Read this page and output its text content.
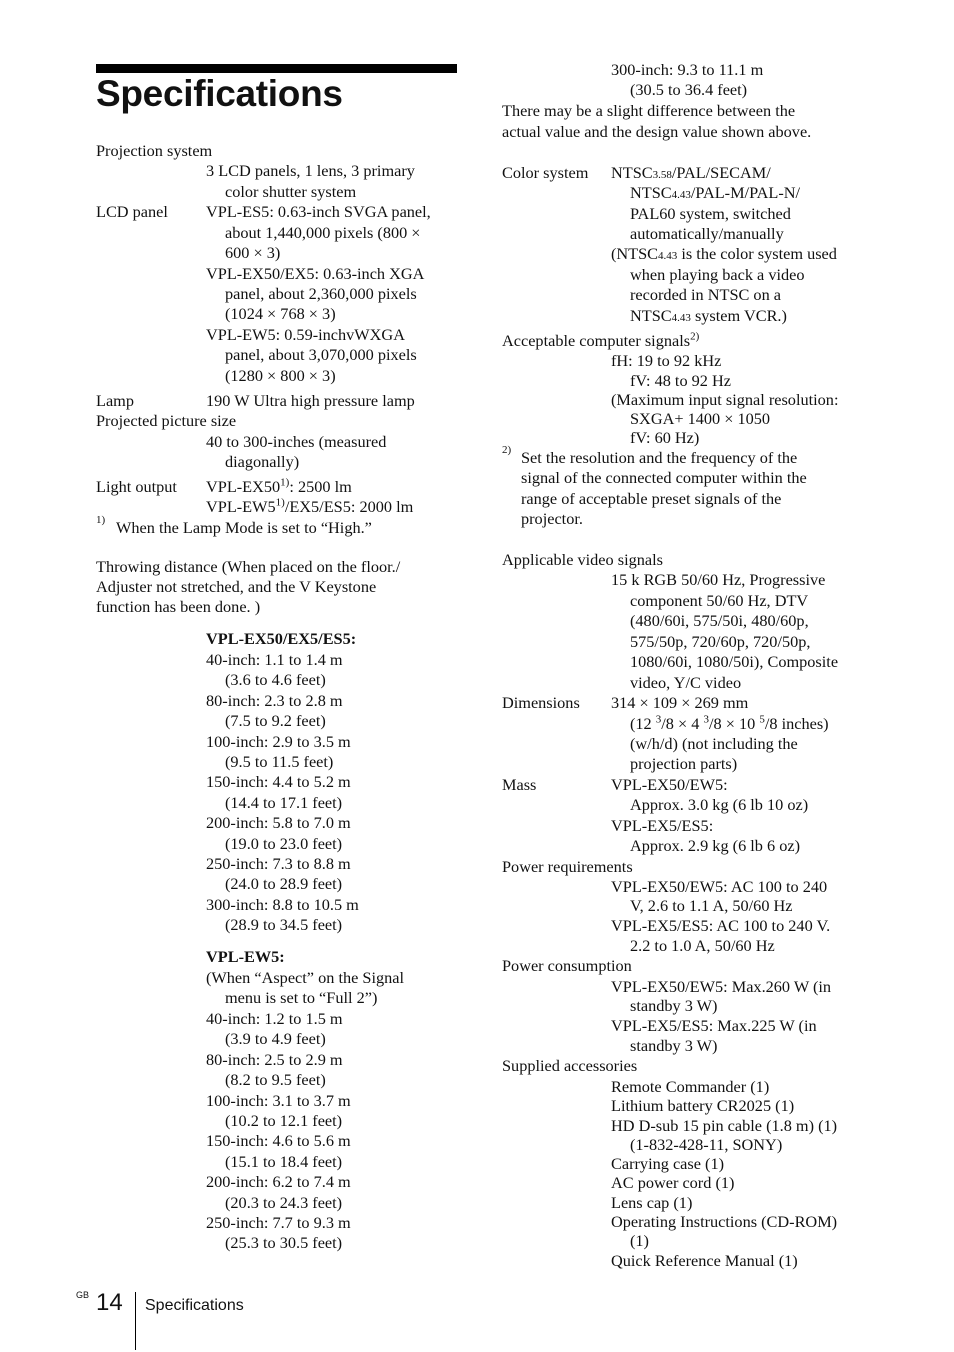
Specifications
Projection system
3 LCD panels, 1 lens, 3 primary
color shutter system
LCD panel VPL-ES5: 0.63-inch SVGA panel,
about 1,440,000 pixels (800 ×
600 × 3)
VPL-EX50/EX5: 0.63-inch XGA
panel, about 2,360,000 pixels
(1024 × 768 × 3)
VPL-EW5: 0.59-inchvWXGA
panel, about 3,070,000 pixels
(1280 × 800 × 3)
Lamp	190 W Ultra high pressure lamp
Projected picture size
40 to 300-inches (measured
diagonally)
Light output VPL-EX50$^{1)}$: 2500 lm
VPL-EW5$^{1)}$/EX5/ES5: 2000 lm
1) When the Lamp Mode is set to “High.”
Throwing distance (When placed on the floor./
Adjuster not stretched, and the V Keystone
function has been done. )
VPL-EX50/EX5/ES5:
40-inch: 1.1 to 1.4 m
(3.6 to 4.6 feet)
80-inch: 2.3 to 2.8 m
(7.5 to 9.2 feet)
100-inch: 2.9 to 3.5 m
(9.5 to 11.5 feet)
150-inch: 4.4 to 5.2 m
(14.4 to 17.1 feet)
200-inch: 5.8 to 7.0 m
(19.0 to 23.0 feet)
250-inch: 7.3 to 8.8 m
(24.0 to 28.9 feet)
300-inch: 8.8 to 10.5 m
(28.9 to 34.5 feet)
VPL-EW5:
(When “Aspect” on the Signal
menu is set to “Full 2”)
40-inch: 1.2 to 1.5 m
(3.9 to 4.9 feet)
80-inch: 2.5 to 2.9 m
(8.2 to 9.5 feet)
100-inch: 3.1 to 3.7 m
(10.2 to 12.1 feet)
150-inch: 4.6 to 5.6 m
(15.1 to 18.4 feet)
200-inch: 6.2 to 7.4 m
(20.3 to 24.3 feet)
250-inch: 7.7 to 9.3 m
(25.3 to 30.5 feet)
300-inch: 9.3 to 11.1 m
(30.5 to 36.4 feet)
There may be a slight difference between the
actual value and the design value shown above.
Color system NTSC3.58/PAL/SECAM/
NTSC4.43/PAL-M/PAL-N/
PAL60 system, switched
automatically/manually
(NTSC4.43 is the color system used
when playing back a video
recorded in NTSC on a
NTSC4.43 system VCR.)
Acceptable computer signals$^{2)}$
fH: 19 to 92 kHz
fV: 48 to 92 Hz
(Maximum input signal resolution:
SXGA+ 1400 × 1050
fV: 60 Hz)
2) Set the resolution and the frequency of the
signal of the connected computer within the
range of acceptable preset signals of the
projector.
Applicable video signals
15 k RGB 50/60 Hz, Progressive
component 50/60 Hz, DTV
(480/60i, 575/50i, 480/60p,
575/50p, 720/60p, 720/50p,
1080/60i, 1080/50i), Composite
video, Y/C video
Dimensions 314 × 109 × 269 mm
(12 $^3$/8 × 4 $^3$/8 × 10 $^5$/8 inches)
(w/h/d) (not including the
projection parts)
Mass	VPL-EX50/EW5:
Approx. 3.0 kg (6 lb 10 oz)
VPL-EX5/ES5:
Approx. 2.9 kg (6 lb 6 oz)
Power requirements
VPL-EX50/EW5: AC 100 to 240
V, 2.6 to 1.1 A, 50/60 Hz
VPL-EX5/ES5: AC 100 to 240 V.
2.2 to 1.0 A, 50/60 Hz
Power consumption
VPL-EX50/EW5: Max.260 W (in
standby 3 W)
VPL-EX5/ES5: Max.225 W (in
standby 3 W)
Supplied accessories
Remote Commander (1)
Lithium battery CR2025 (1)
HD D-sub 15 pin cable (1.8 m) (1)
(1-832-428-11, SONY)
Carrying case (1)
AC power cord (1)
Lens cap (1)
Operating Instructions (CD-ROM)
(1)
Quick Reference Manual (1)
GB 14 Specifications
